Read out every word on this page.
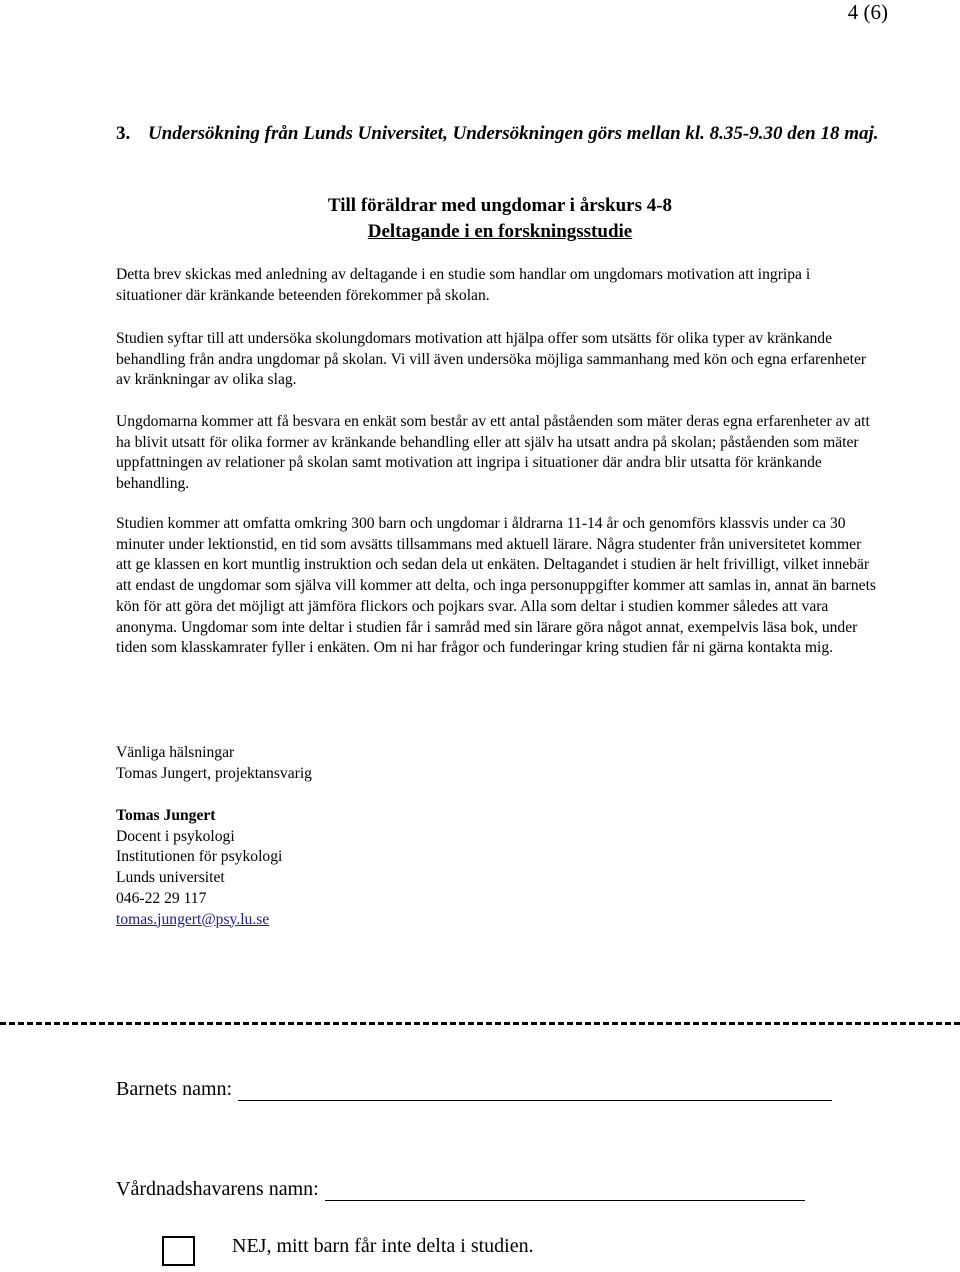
4 (6)
3. Undersökning från Lunds Universitet, Undersökningen görs mellan kl. 8.35-9.30 den 18 maj.
Till föräldrar med ungdomar i årskurs 4-8
Deltagande i en forskningsstudie

Detta brev skickas med anledning av deltagande i en studie som handlar om ungdomars motivation att ingripa i situationer där kränkande beteenden förekommer på skolan.

Studien syftar till att undersöka skolungdomars motivation att hjälpa offer som utsätts för olika typer av kränkande behandling från andra ungdomar på skolan. Vi vill även undersöka möjliga sammanhang med kön och egna erfarenheter av kränkningar av olika slag.

Ungdomarna kommer att få besvara en enkät som består av ett antal påståenden som mäter deras egna erfarenheter av att ha blivit utsatt för olika former av kränkande behandling eller att själv ha utsatt andra på skolan; påståenden som mäter uppfattningen av relationer på skolan samt motivation att ingripa i situationer där andra blir utsatta för kränkande behandling.

Studien kommer att omfatta omkring 300 barn och ungdomar i åldrarna 11-14 år och genomförs klassvis under ca 30 minuter under lektionstid, en tid som avsätts tillsammans med aktuell lärare. Några studenter från universitetet kommer att ge klassen en kort muntlig instruktion och sedan dela ut enkäten. Deltagandet i studien är helt frivilligt, vilket innebär att endast de ungdomar som själva vill kommer att delta, och inga personuppgifter kommer att samlas in, annat än barnets kön för att göra det möjligt att jämföra flickors och pojkars svar. Alla som deltar i studien kommer således att vara anonyma. Ungdomar som inte deltar i studien får i samråd med sin lärare göra något annat, exempelvis läsa bok, under tiden som klasskamrater fyller i enkäten. Om ni har frågor och funderingar kring studien får ni gärna kontakta mig.

Vänliga hälsningar
Tomas Jungert, projektansvarig
Tomas Jungert
Docent i psykologi
Institutionen för psykologi
Lunds universitet
046-22 29 117
tomas.jungert@psy.lu.se
Barnets namn:
Vårdnadshavarens namn:
NEJ, mitt barn får inte delta i studien.
